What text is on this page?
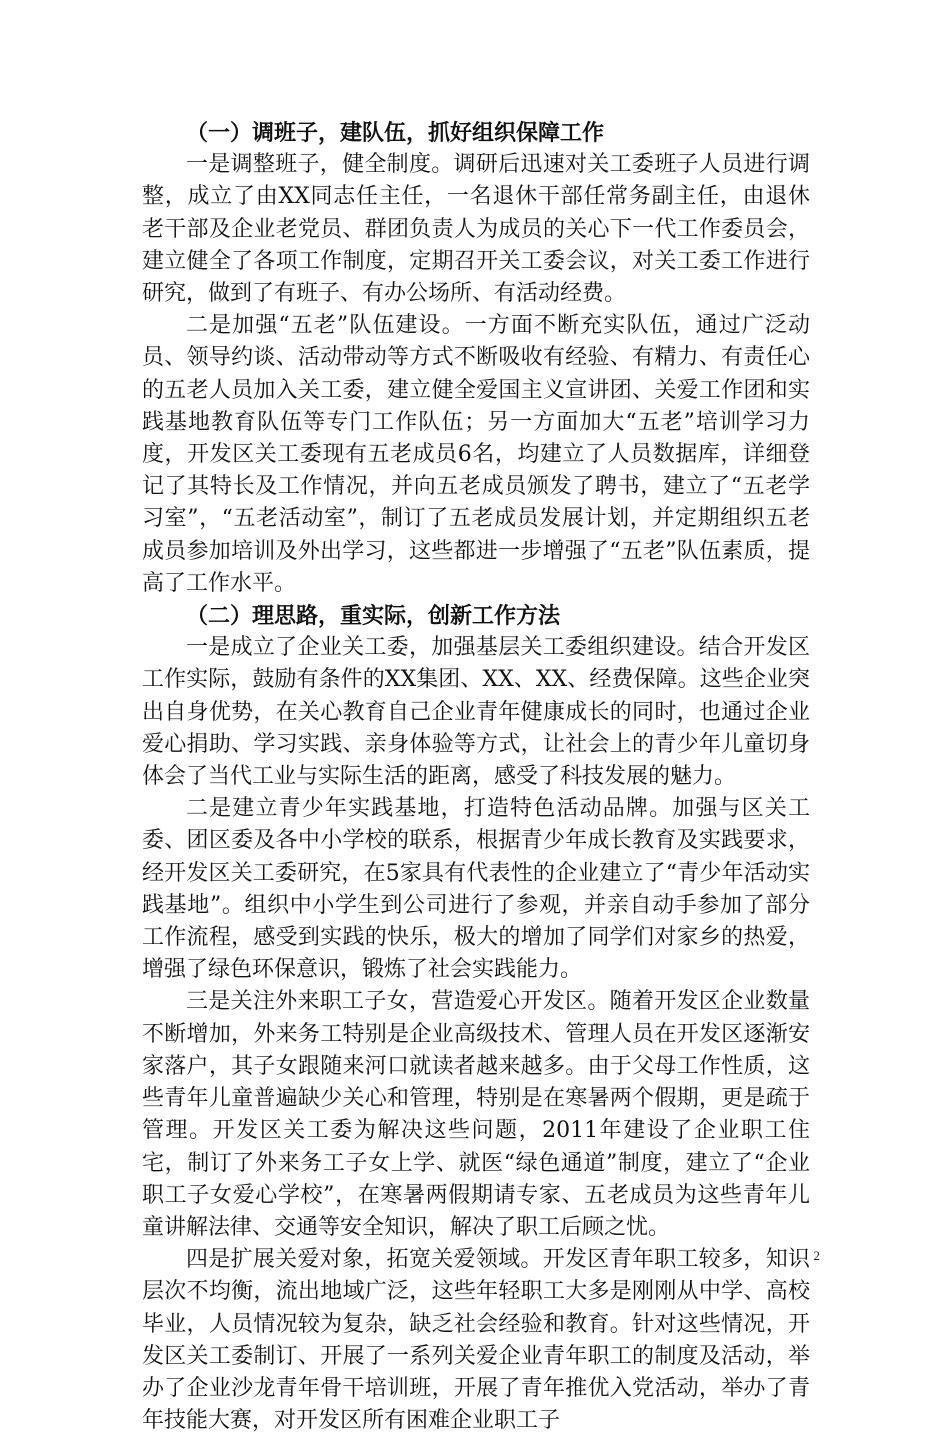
（一）调班子，建队伍，抓好组织保障工作

一是调整班子，健全制度。调研后迅速对关工委班子人员进行调整，成立了由XX同志任主任，一名退休干部任常务副主任，由退休老干部及企业老党员、群团负责人为成员的关心下一代工作委员会，建立健全了各项工作制度，定期召开关工委会议，对关工委工作进行研究，做到了有班子、有办公场所、有活动经费。

二是加强“五老”队伍建设。一方面不断充实队伍，通过广泛动员、领导约谈、活动带动等方式不断吸收有经验、有精力、有责任心的五老人员加入关工委，建立健全爱国主义宣讲团、关爱工作团和实践基地教育队伍等专门工作队伍；另一方面加大“五老”培训学习力度，开发区关工委现有五老成员6名，均建立了人员数据库，详细登记了其特长及工作情况，并向五老成员颁发了聘书，建立了“五老学习室”，“五老活动室”，制订了五老成员发展计划，并定期组织五老成员参加培训及外出学习，这些都进一步增强了“五老”队伍素质，提高了工作水平。

（二）理思路，重实际，创新工作方法

一是成立了企业关工委，加强基层关工委组织建设。结合开发区工作实际，鼓励有条件的XX集团、XX、XX、经费保障。这些企业突出自身优势，在关心教育自己企业青年健康成长的同时，也通过企业爱心捐助、学习实践、亲身体验等方式，让社会上的青少年儿童切身体会了当代工业与实际生活的距离，感受了科技发展的魅力。

二是建立青少年实践基地，打造特色活动品牌。加强与区关工委、团区委及各中小学校的联系，根据青少年成长教育及实践要求，经开发区关工委研究，在5家具有代表性的企业建立了“青少年活动实践基地”。组织中小学生到公司进行了参观，并亲自动手参加了部分工作流程，感受到实践的快乐，极大的增加了同学们对家乡的热爱，增强了绿色环保意识，锻炼了社会实践能力。

三是关注外来职工子女，营造爱心开发区。随着开发区企业数量不断增加，外来务工特别是企业高级技术、管理人员在开发区逐渐安家落户，其子女跟随来河口就读者越来越多。由于父母工作性质，这些青年儿童普遍缺少关心和管理，特别是在寒暑两个假期，更是疏于管理。开发区关工委为解决这些问题，2011年建设了企业职工住宅，制订了外来务工子女上学、就医“绿色通道”制度，建立了“企业职工子女爱心学校”，在寒暑两假期请专家、五老成员为这些青年儿童讲解法律、交通等安全知识，解决了职工后顾之忧。

四是扩展关爱对象，拓宽关爱领域。开发区青年职工较多，知识层次不均衡，流出地域广泛，这些年轻职工大多是刚刚从中学、高校毕业，人员情况较为复杂，缺乏社会经验和教育。针对这些情况，开发区关工委制订、开展了一系列关爱企业青年职工的制度及活动，举办了企业沙龙青年骨干培训班，开展了青年推优入党活动，举办了青年技能大赛，对开发区所有困难企业职工子

2
